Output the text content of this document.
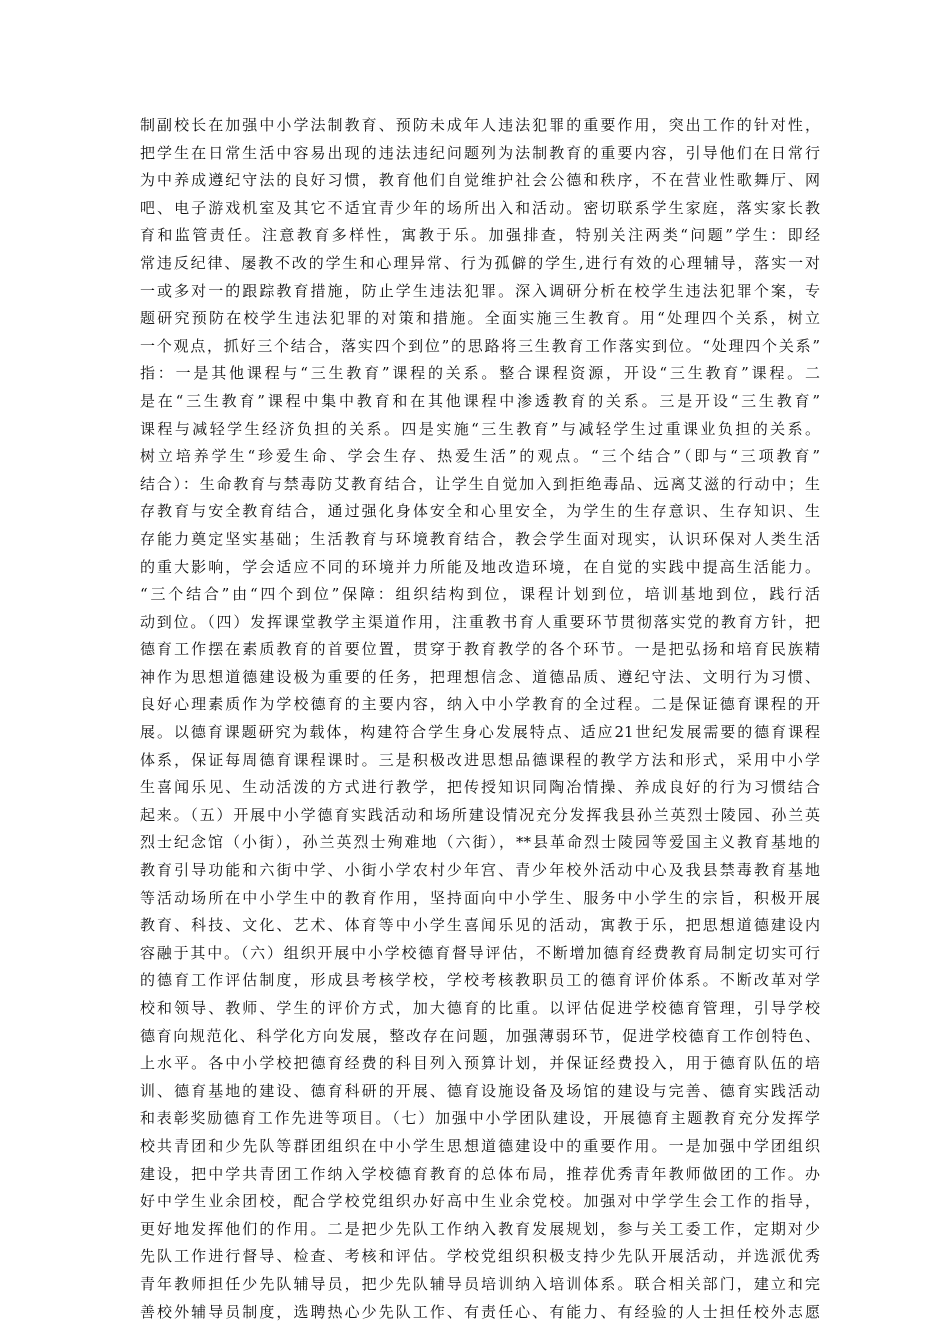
制副校长在加强中小学法制教育、预防未成年人违法犯罪的重要作用，突出工作的针对性，
把学生在日常生活中容易出现的违法违纪问题列为法制教育的重要内容，引导他们在日常行
为中养成遵纪守法的良好习惯，教育他们自觉维护社会公德和秩序，不在营业性歌舞厅、网
吧、电子游戏机室及其它不适宜青少年的场所出入和活动。密切联系学生家庭，落实家长教
育和监管责任。注意教育多样性，寓教于乐。加强排查，特别关注两类“问题”学生：即经
常违反纪律、屡教不改的学生和心理异常、行为孤僻的学生,进行有效的心理辅导，落实一对
一或多对一的跟踪教育措施，防止学生违法犯罪。深入调研分析在校学生违法犯罪个案，专
题研究预防在校学生违法犯罪的对策和措施。全面实施三生教育。用“处理四个关系，树立
一个观点，抓好三个结合，落实四个到位”的思路将三生教育工作落实到位。“处理四个关系”
指：一是其他课程与“三生教育”课程的关系。整合课程资源，开设“三生教育”课程。二
是在“三生教育”课程中集中教育和在其他课程中渗透教育的关系。三是开设“三生教育”
课程与减轻学生经济负担的关系。四是实施“三生教育”与减轻学生过重课业负担的关系。
树立培养学生“珍爱生命、学会生存、热爱生活”的观点。“三个结合”（即与“三项教育”
结合）：生命教育与禁毒防艾教育结合，让学生自觉加入到拒绝毒品、远离艾滋的行动中；生
存教育与安全教育结合，通过强化身体安全和心里安全，为学生的生存意识、生存知识、生
存能力奠定坚实基础；生活教育与环境教育结合，教会学生面对现实，认识环保对人类生活
的重大影响，学会适应不同的环境并力所能及地改造环境，在自觉的实践中提高生活能力。
“三个结合”由“四个到位”保障：组织结构到位，课程计划到位，培训基地到位，践行活
动到位。（四）发挥课堂教学主渠道作用，注重教书育人重要环节贯彻落实党的教育方针，把
德育工作摆在素质教育的首要位置，贯穿于教育教学的各个环节。一是把弘扬和培育民族精
神作为思想道德建设极为重要的任务，把理想信念、道德品质、遵纪守法、文明行为习惯、
良好心理素质作为学校德育的主要内容，纳入中小学教育的全过程。二是保证德育课程的开
展。以德育课题研究为载体，构建符合学生身心发展特点、适应21世纪发展需要的德育课程
体系，保证每周德育课程课时。三是积极改进思想品德课程的教学方法和形式，采用中小学
生喜闻乐见、生动活泼的方式进行教学，把传授知识同陶冶情操、养成良好的行为习惯结合
起来。（五）开展中小学德育实践活动和场所建设情况充分发挥我县孙兰英烈士陵园、孙兰英
烈士纪念馆（小街），孙兰英烈士殉难地（六街），**县革命烈士陵园等爱国主义教育基地的
教育引导功能和六街中学、小街小学农村少年宫、青少年校外活动中心及我县禁毒教育基地
等活动场所在中小学生中的教育作用，坚持面向中小学生、服务中小学生的宗旨，积极开展
教育、科技、文化、艺术、体育等中小学生喜闻乐见的活动，寓教于乐，把思想道德建设内
容融于其中。（六）组织开展中小学校德育督导评估，不断增加德育经费教育局制定切实可行
的德育工作评估制度，形成县考核学校，学校考核教职员工的德育评价体系。不断改革对学
校和领导、教师、学生的评价方式，加大德育的比重。以评估促进学校德育管理，引导学校
德育向规范化、科学化方向发展，整改存在问题，加强薄弱环节，促进学校德育工作创特色、
上水平。各中小学校把德育经费的科目列入预算计划，并保证经费投入，用于德育队伍的培
训、德育基地的建设、德育科研的开展、德育设施设备及场馆的建设与完善、德育实践活动
和表彰奖励德育工作先进等项目。（七）加强中小学团队建设，开展德育主题教育充分发挥学
校共青团和少先队等群团组织在中小学生思想道德建设中的重要作用。一是加强中学团组织
建设，把中学共青团工作纳入学校德育教育的总体布局，推荐优秀青年教师做团的工作。办
好中学生业余团校，配合学校党组织办好高中生业余党校。加强对中学学生会工作的指导，
更好地发挥他们的作用。二是把少先队工作纳入教育发展规划，参与关工委工作，定期对少
先队工作进行督导、检查、考核和评估。学校党组织积极支持少先队开展活动，并选派优秀
青年教师担任少先队辅导员，把少先队辅导员培训纳入培训体系。联合相关部门，建立和完
善校外辅导员制度，选聘热心少先队工作、有责任心、有能力、有经验的人士担任校外志愿
